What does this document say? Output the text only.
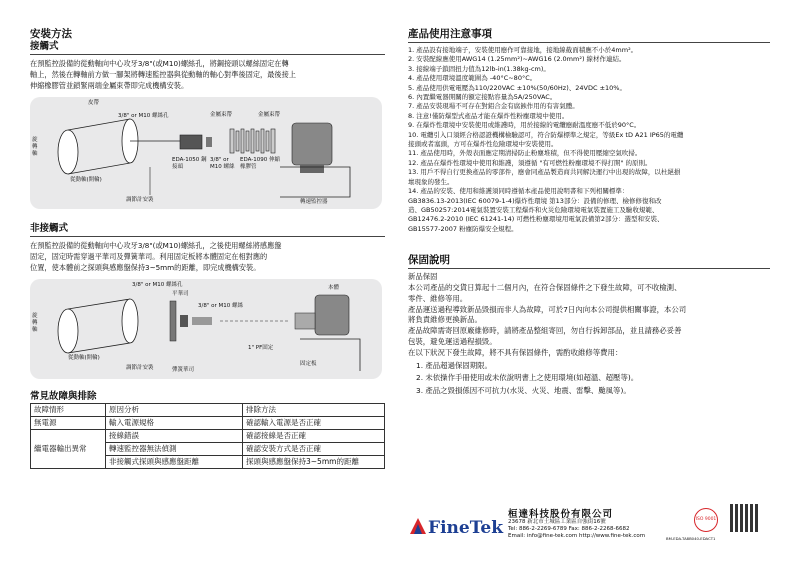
安裝方法
接觸式

在預監控設備的從動軸向中心攻牙3/8"(或M10)螺絲孔，將鋼接頭以螺絲固定在轉

軸上，然後在轉軸前方做一腳架將轉速監控器與從動軸的軸心對準後固定，最後接上

伸縮橡膠管並鎖緊兩端金屬束帶即完成機構安裝。

皮帶
3/8" or M10 螺絲孔	金屬束帶	金屬束帶
旋轉軸
從動軸(開輪)
EDA-1050 鋼接頭
3/8" or M10 螺絲
EDA-1090 伸縮橡膠管
調節計安裝	轉速監控器
非接觸式

在預監控設備的從動軸向中心攻牙3/8"(或M10)螺絲孔，之後使用螺絲將感應盤

固定，固定時需穿過平華司及彈簧華司。利用固定板將本體固定在相對應的

位置，使本體前之探頭與感應盤保持3~5mm的距離，即完成機構安裝。

3/8" or M10 螺絲孔
平華司
旋轉軸
3/8" or M10 螺絲
本體
從動軸(開輪)
調節計安裝	彈簧華司
1" PF固定
固定板
常見故障與排除
故障情形	原因分析	排除方法
無電源	輸入電源規格	確認輸入電源是否正確
繼電器輸出異常	接線錯誤	確認接線是否正確
	轉速監控器無法偵測	確認安裝方式是否正確
	非接觸式探頭與感應盤距離	探頭與感應盤保持3~5mm的距離
產品使用注意事項
1. 產品設有接地端子，安裝使用應作可靠接地，接地線截面積應不小於4mm²。
2. 安裝配線應使用AWG14 (1.25mm²)~AWG16 (2.0mm²) 線材作連結。
3. 接線端子鎖固扭力值為12lb-in(1.38kg-cm)。
4. 產品使用環境溫度範圍為 -40°C~80°C。
5. 產品使用供電電壓為110/220VAC ±10%(50/60Hz)、24VDC ±10%。
6. 內置繼電器開關的額定接點容量為5A/250VAC。
7. 產品安裝現場不可存在對鋁合金有腐蝕作用的有害氣體。
8. 注意!僅防爆型式產品才能在爆炸性粉塵環境中使用。
9. 在爆炸性環境中安裝使用或維護時，用於接線的電纜應耐溫度應不低於90°C。
10. 電纜引入口須經合格認證機構檢驗認可，符合防爆標準之規定，等級Ex tD A21 IP65的電纜
接頭或者塞頭，方可在爆炸性危險環境中安裝使用。
11. 產品使用時，外殼表面應定期清掃防止粉塵堆積，但不得使用壓縮空氣吹掃。
12. 產品在爆炸性環境中使用和維護，須遵循 "有可燃性粉塵環境不得打開" 的原則。
13. 用戶不得自行更換產品的零部件，應會同產品製造商共同解決運行中出現的故障，以杜絕損
壞現象的發生。
14. 產品的安裝、使用和維護須同時遵循本產品使用說明書和下列相關標準：
GB3836.13-2013(IEC 60079-1-4)爆炸性環境 第13部分：設備的修理、檢修修復和改
造、GB50257:2014電氣裝置安裝工程爆炸和火災危險環境電氣裝置施工及驗收規範、
GB12476.2-2010 (IEC 61241-14) 可燃性粉塵環境用電氣設備第2部分：選型和安裝、
GB15577-2007 粉塵防爆安全規程。
保固說明

新品保固

本公司產品的交貨日算起十二個月內，在符合保固條件之下發生故障，可不收檢測、

零件、維修等用。

產品運送過程導致新品毀損而非人為故障，可於7日內向本公司提供相關事證，本公司

將負責維修更換新品。

產品故障需寄回原廠維修時，請將產品整組寄回，勿自行拆卸部品，並且請務必妥善

包裝，避免運送過程損毀。

在以下狀況下發生故障，將不具有保固條件，需酌收維修等費用：

1. 產品超過保固期限。

2. 未依操作手冊使用或未依說明書上之使用環境(如超溫、超壓等)。

3. 產品之毀損係因不可抗力(水災、火災、地震、雷擊、颱風等)。

FineTek
桓達科技股份有限公司
23678 新北市土城區工業區自強街16號
Tel: 886-2-2269-6789 Fax: 886-2-2268-6682
Email: info@fine-tek.com http://www.fine-tek.com
ISO 9001
BM-EDA-TA8B040-EDACT1
